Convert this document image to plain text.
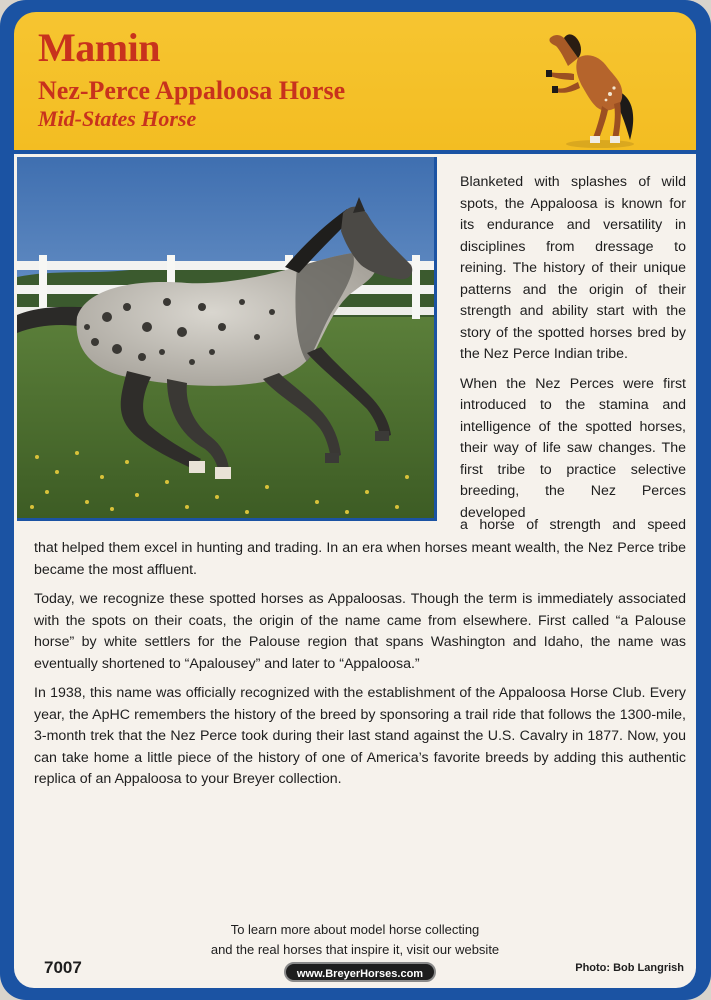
Mamin
Nez-Perce Appaloosa Horse
Mid-States Horse

Blanketed with splashes of wild spots, the Appaloosa is known for its endurance and versatility in disciplines from dressage to reining. The history of their unique patterns and the origin of their strength and ability start with the story of the spotted horses bred by the Nez Perce Indian tribe.

When the Nez Perces were first introduced to the stamina and intelligence of the spotted horses, their way of life saw changes. The first tribe to practice selective breeding, the Nez Perces developed

a horse of strength and speed

that helped them excel in hunting and trading. In an era when horses meant wealth, the Nez Perce tribe became the most affluent.

Today, we recognize these spotted horses as Appaloosas. Though the term is immediately associated with the spots on their coats, the origin of the name came from elsewhere. First called “a Palouse horse” by white settlers for the Palouse region that spans Washington and Idaho, the name was eventually shortened to “Apalousey” and later to “Appaloosa.”

In 1938, this name was officially recognized with the establishment of the Appaloosa Horse Club. Every year, the ApHC remembers the history of the breed by sponsoring a trail ride that follows the 1300-mile, 3-month trek that the Nez Perce took during their last stand against the U.S. Cavalry in 1877. Now, you can take home a little piece of the history of one of America’s favorite breeds by adding this authentic replica of an Appaloosa to your Breyer collection.

To learn more about model horse collecting
and the real horses that inspire it, visit our website
www.BreyerHorses.com
7007	Photo: Bob Langrish
